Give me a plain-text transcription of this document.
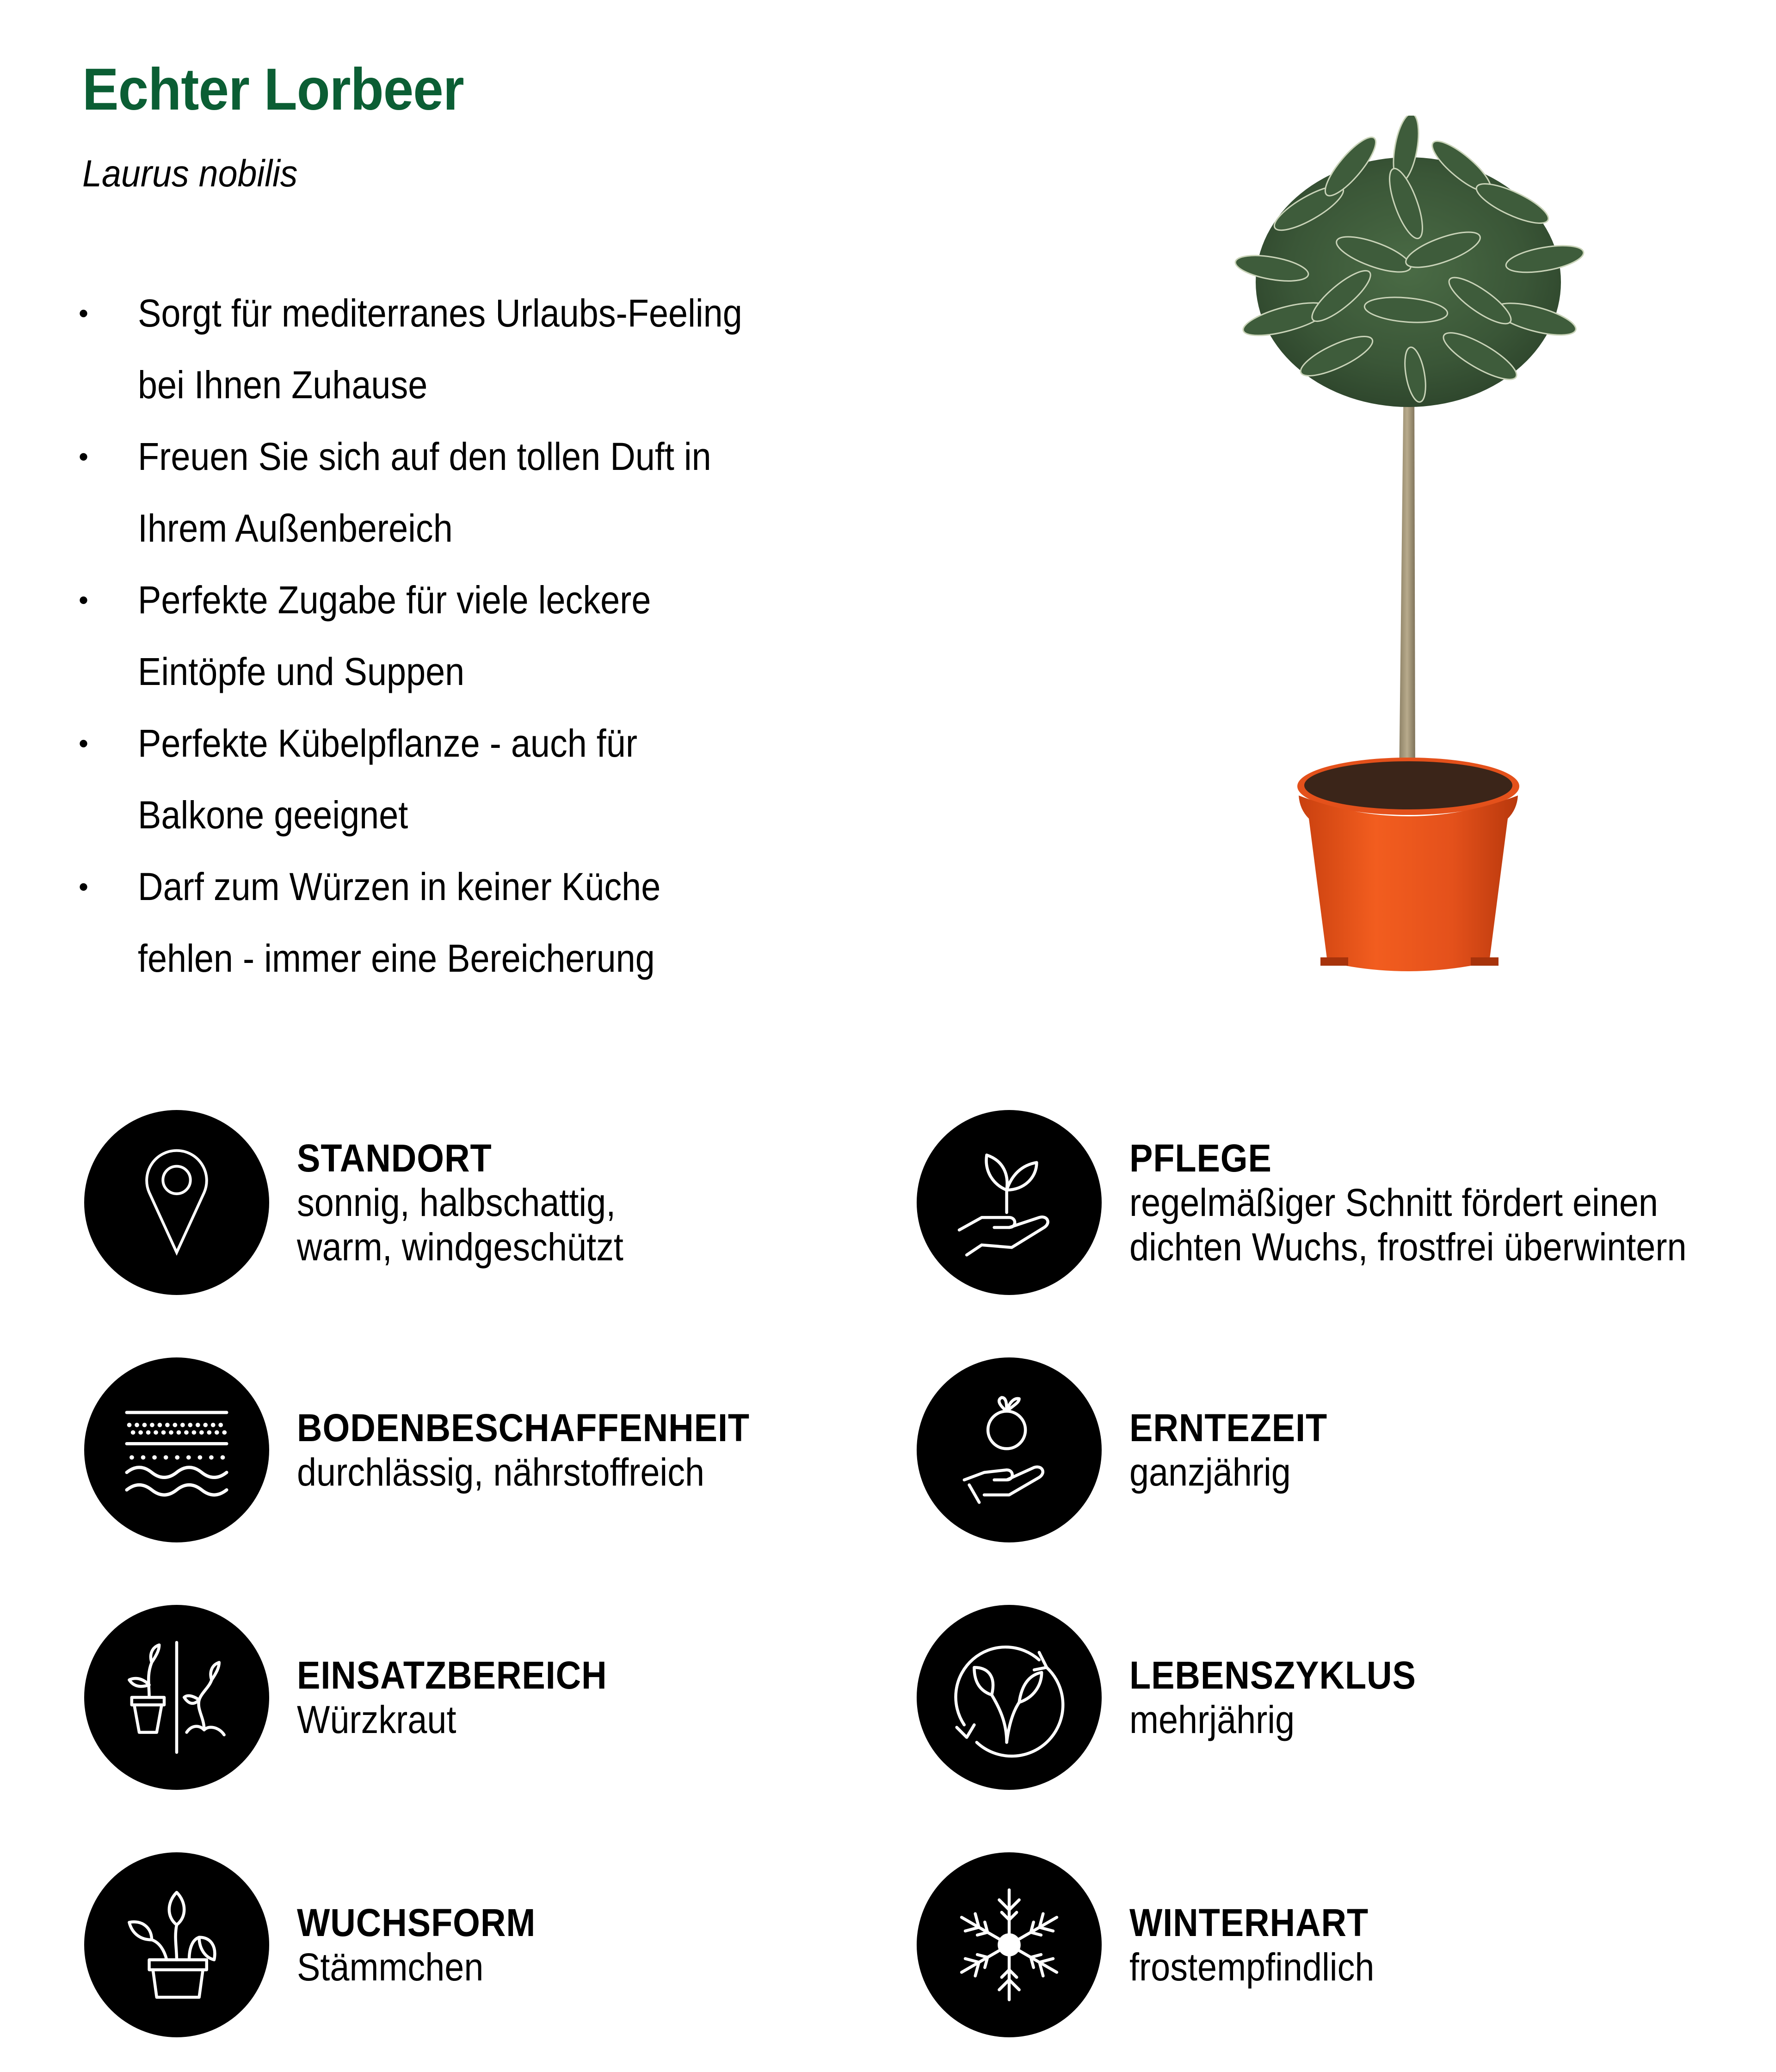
Echter Lorbeer

Laurus nobilis

• Sorgt für mediterranes Urlaubs-Feeling
bei Ihnen Zuhause
• Freuen Sie sich auf den tollen Duft in
Ihrem Außenbereich
• Perfekte Zugabe für viele leckere
Eintöpfe und Suppen
• Perfekte Kübelpflanze - auch für
Balkone geeignet
• Darf zum Würzen in keiner Küche
fehlen - immer eine Bereicherung
STANDORT
sonnig, halbschattig,
warm, windgeschützt
PFLEGE
regelmäßiger Schnitt fördert einen
dichten Wuchs, frostfrei überwintern
BODENBESCHAFFENHEIT
durchlässig, nährstoffreich
ERNTEZEIT
ganzjährig
EINSATZBEREICH
Würzkraut
LEBENSZYKLUS
mehrjährig
WUCHSFORM
Stämmchen
WINTERHART
frostempfindlich
